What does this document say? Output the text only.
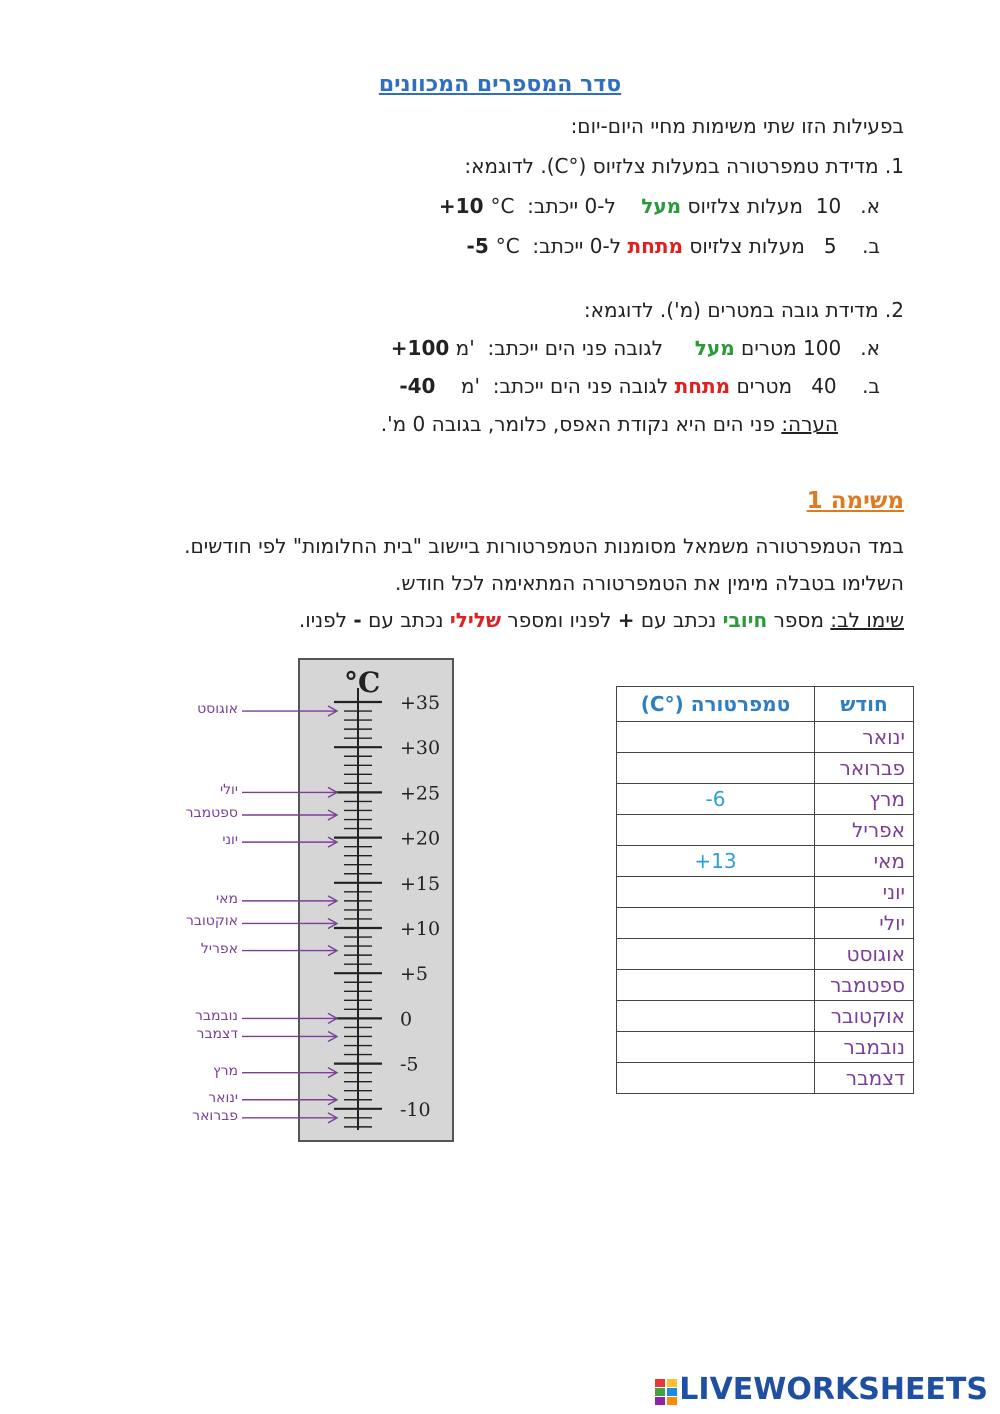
סדר המספרים המכוונים
בפעילות הזו שתי משימות מחיי היום-יום:
1. מדידת טמפרטורה במעלות צלזיוס (°C). לדוגמא:
א.   10  מעלות צלזיוס מעל    ל-0 ייכתב:  +10 °C
ב.    5   מעלות צלזיוס מתחת ל-0 ייכתב:  -5 °C
2. מדידת גובה במטרים (מ'). לדוגמא:
א.   100 מטרים מעל     לגובה פני הים ייכתב:  +100 מ'
ב.    40   מטרים מתחת לגובה פני הים ייכתב:  -40 מ'
הערה: פני הים היא נקודת האפס, כלומר, בגובה 0 מ'.
משימה 1
במד הטמפרטורה משמאל מסומנות הטמפרטורות ביישוב "בית החלומות" לפי חודשים.
השלימו בטבלה מימין את הטמפרטורה המתאימה לכל חודש.
שימו לב: מספר חיובי נכתב עם + לפניו ומספר שלילי נכתב עם - לפניו.
°C
+35
+30
+25
+20
+15
+10
+5
0
-5
-10
אוגוסט
יולי
ספטמבר
יוני
מאי
אוקטובר
אפריל
נובמבר
דצמבר
מרץ
ינואר
פברואר
חודש	טמפרטורה (°C)
ינואר	
פברואר	
מרץ	-6
אפריל	
מאי	+13
יוני	
יולי	
אוגוסט	
ספטמבר	
אוקטובר	
נובמבר	
דצמבר	
LIVEWORKSHEETS
